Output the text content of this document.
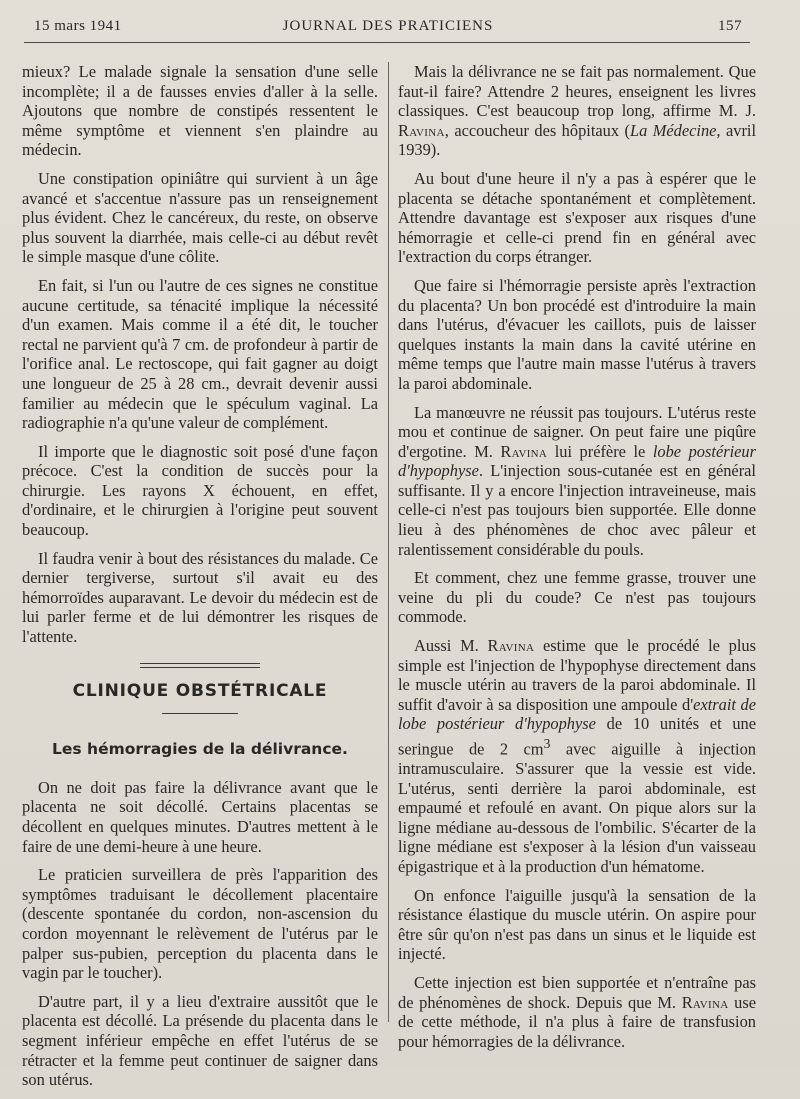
15 mars 1941	JOURNAL DES PRATICIENS	157

mieux? Le malade signale la sensation d'une selle incomplète; il a de fausses envies d'aller à la selle. Ajoutons que nombre de constipés ressentent le même symptôme et viennent s'en plaindre au médecin.

Une constipation opiniâtre qui survient à un âge avancé et s'accentue n'assure pas un renseignement plus évident. Chez le cancéreux, du reste, on observe plus souvent la diarrhée, mais celle-ci au début revêt le simple masque d'une côlite.

En fait, si l'un ou l'autre de ces signes ne constitue aucune certitude, sa ténacité implique la nécessité d'un examen. Mais comme il a été dit, le toucher rectal ne parvient qu'à 7 cm. de profondeur à partir de l'orifice anal. Le rectoscope, qui fait gagner au doigt une longueur de 25 à 28 cm., devrait devenir aussi familier au médecin que le spéculum vaginal. La radiographie n'a qu'une valeur de complément.

Il importe que le diagnostic soit posé d'une façon précoce. C'est la condition de succès pour la chirurgie. Les rayons X échouent, en effet, d'ordinaire, et le chirurgien à l'origine peut souvent beaucoup.

Il faudra venir à bout des résistances du malade. Ce dernier tergiverse, surtout s'il avait eu des hémorroïdes auparavant. Le devoir du médecin est de lui parler ferme et de lui démontrer les risques de l'attente.

CLINIQUE OBSTÉTRICALE
Les hémorragies de la délivrance.

On ne doit pas faire la délivrance avant que le placenta ne soit décollé. Certains placentas se décollent en quelques minutes. D'autres mettent à le faire de une demi-heure à une heure.

Le praticien surveillera de près l'apparition des symptômes traduisant le décollement placentaire (descente spontanée du cordon, non-ascension du cordon moyennant le relèvement de l'utérus par le palper sus-pubien, perception du placenta dans le vagin par le toucher).

D'autre part, il y a lieu d'extraire aussitôt que le placenta est décollé. La présende du placenta dans le segment inférieur empêche en effet l'utérus de se rétracter et la femme peut continuer de saigner dans son utérus.

Mais la délivrance ne se fait pas normalement. Que faut-il faire? Attendre 2 heures, enseignent les livres classiques. C'est beaucoup trop long, affirme M. J. Ravina, accoucheur des hôpitaux (La Médecine, avril 1939).

Au bout d'une heure il n'y a pas à espérer que le placenta se détache spontanément et complètement. Attendre davantage est s'exposer aux risques d'une hémorragie et celle-ci prend fin en général avec l'extraction du corps étranger.

Que faire si l'hémorragie persiste après l'extraction du placenta? Un bon procédé est d'introduire la main dans l'utérus, d'évacuer les caillots, puis de laisser quelques instants la main dans la cavité utérine en même temps que l'autre main masse l'utérus à travers la paroi abdominale.

La manœuvre ne réussit pas toujours. L'utérus reste mou et continue de saigner. On peut faire une piqûre d'ergotine. M. Ravina lui préfère le lobe postérieur d'hypophyse. L'injection sous-cutanée est en général suffisante. Il y a encore l'injection intraveineuse, mais celle-ci n'est pas toujours bien supportée. Elle donne lieu à des phénomènes de choc avec pâleur et ralentissement considérable du pouls.

Et comment, chez une femme grasse, trouver une veine du pli du coude? Ce n'est pas toujours commode.

Aussi M. Ravina estime que le procédé le plus simple est l'injection de l'hypophyse directement dans le muscle utérin au travers de la paroi abdominale. Il suffit d'avoir à sa disposition une ampoule d'extrait de lobe postérieur d'hypophyse de 10 unités et une seringue de 2 $cm^3$ avec aiguille à injection intramusculaire. S'assurer que la vessie est vide. L'utérus, senti derrière la paroi abdominale, est empaumé et refoulé en avant. On pique alors sur la ligne médiane au-dessous de l'ombilic. S'écarter de la ligne médiane est s'exposer à la lésion d'un vaisseau épigastrique et à la production d'un hématome.

On enfonce l'aiguille jusqu'à la sensation de la résistance élastique du muscle utérin. On aspire pour être sûr qu'on n'est pas dans un sinus et le liquide est injecté.

Cette injection est bien supportée et n'entraîne pas de phénomènes de shock. Depuis que M. Ravina use de cette méthode, il n'a plus à faire de transfusion pour hémorragies de la délivrance.
